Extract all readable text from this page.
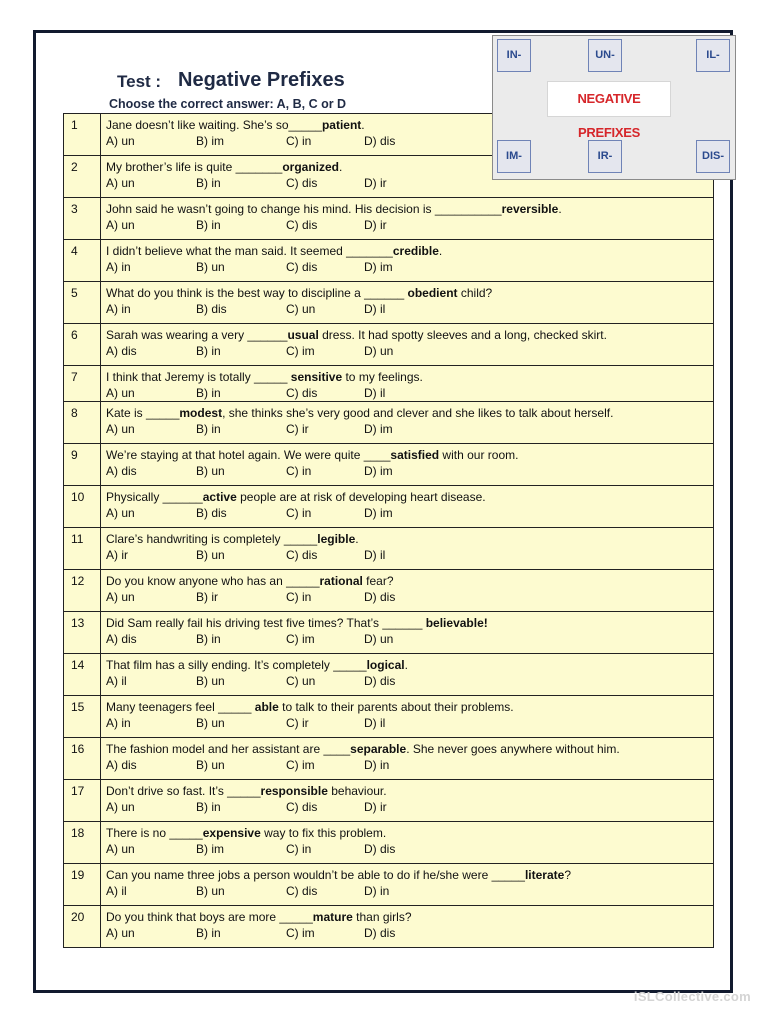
Test : Negative Prefixes
Choose the correct answer: A, B, C or D
1	Jane doesn’t like waiting. She’s so_____patient.
A) un B) im C) in D) dis

2	My brother’s life is quite _______organized.
A) un B) in C) dis D) ir

3	John said he wasn’t going to change his mind. His decision is __________reversible.
A) un B) in C) dis D) ir

4	I didn’t believe what the man said. It seemed _______credible.
A) in B) un C) dis D) im

5	What do you think is the best way to discipline a ______ obedient child?
A) in B) dis C) un D) il

6	Sarah was wearing a very ______usual dress. It had spotty sleeves and a long, checked skirt.
A) dis B) in C) im D) un

7	I think that Jeremy is totally _____ sensitive to my feelings.
A) un B) in C) dis D) il

8	Kate is _____modest, she thinks she’s very good and clever and she likes to talk about herself.
A) un B) in C) ir D) im

9	We’re staying at that hotel again. We were quite ____satisfied with our room.
A) dis B) un C) in D) im

10	Physically ______active people are at risk of developing heart disease.
A) un B) dis C) in D) im

11	Clare’s handwriting is completely _____legible.
A) ir B) un C) dis D) il

12	Do you know anyone who has an _____rational fear?
A) un B) ir C) in D) dis

13	Did Sam really fail his driving test five times? That’s ______ believable!
A) dis B) in C) im D) un

14	That film has a silly ending. It’s completely _____logical.
A) il B) un C) un D) dis

15	Many teenagers feel _____ able to talk to their parents about their problems.
A) in B) un C) ir D) il

16	The fashion model and her assistant are ____separable. She never goes anywhere without him.
A) dis B) un C) im D) in

17	Don’t drive so fast. It’s _____responsible behaviour.
A) un B) in C) dis D) ir

18	There is no _____expensive way to fix this problem.
A) un B) im C) in D) dis

19	Can you name three jobs a person wouldn’t be able to do if he/she were _____literate?
A) il B) un C) dis D) in

20	Do you think that boys are more _____mature than girls?
A) un B) in C) im D) dis
IN-	UN-	IL-
NEGATIVE PREFIXES
IM-	IR-	DIS-
iSLCollective.com
